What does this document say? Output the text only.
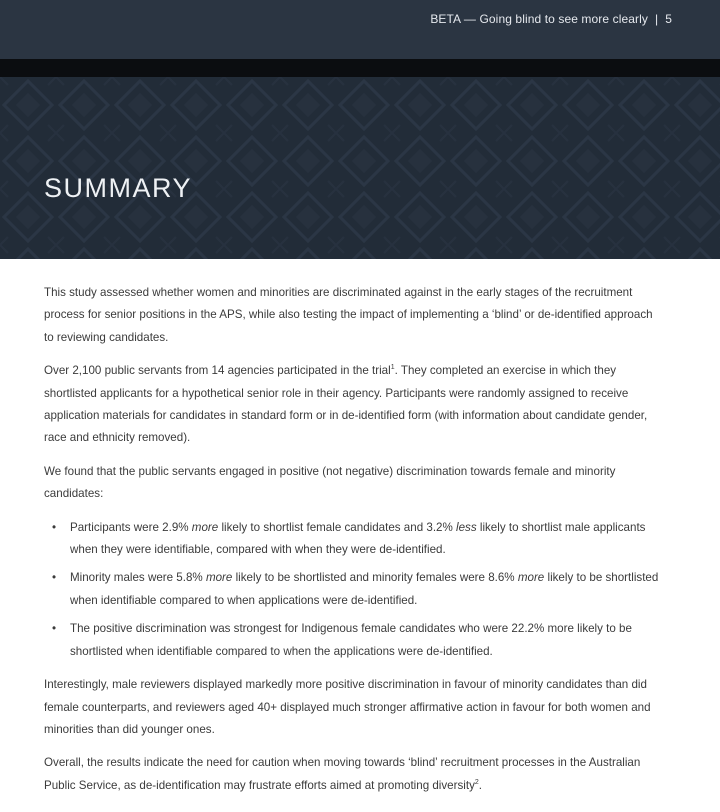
BETA — Going blind to see more clearly | 5
SUMMARY

This study assessed whether women and minorities are discriminated against in the early stages of the recruitment process for senior positions in the APS, while also testing the impact of implementing a ‘blind’ or de-identified approach to reviewing candidates.

Over 2,100 public servants from 14 agencies participated in the trial$^1$. They completed an exercise in which they shortlisted applicants for a hypothetical senior role in their agency. Participants were randomly assigned to receive application materials for candidates in standard form or in de-identified form (with information about candidate gender, race and ethnicity removed).

We found that the public servants engaged in positive (not negative) discrimination towards female and minority candidates:

• Participants were 2.9% more likely to shortlist female candidates and 3.2% less likely to shortlist male applicants when they were identifiable, compared with when they were de-identified.
• Minority males were 5.8% more likely to be shortlisted and minority females were 8.6% more likely to be shortlisted when identifiable compared to when applications were de-identified.
• The positive discrimination was strongest for Indigenous female candidates who were 22.2% more likely to be shortlisted when identifiable compared to when the applications were de-identified.

Interestingly, male reviewers displayed markedly more positive discrimination in favour of minority candidates than did female counterparts, and reviewers aged 40+ displayed much stronger affirmative action in favour for both women and minorities than did younger ones.

Overall, the results indicate the need for caution when moving towards ‘blind’ recruitment processes in the Australian Public Service, as de-identification may frustrate efforts aimed at promoting diversity$^2$.
